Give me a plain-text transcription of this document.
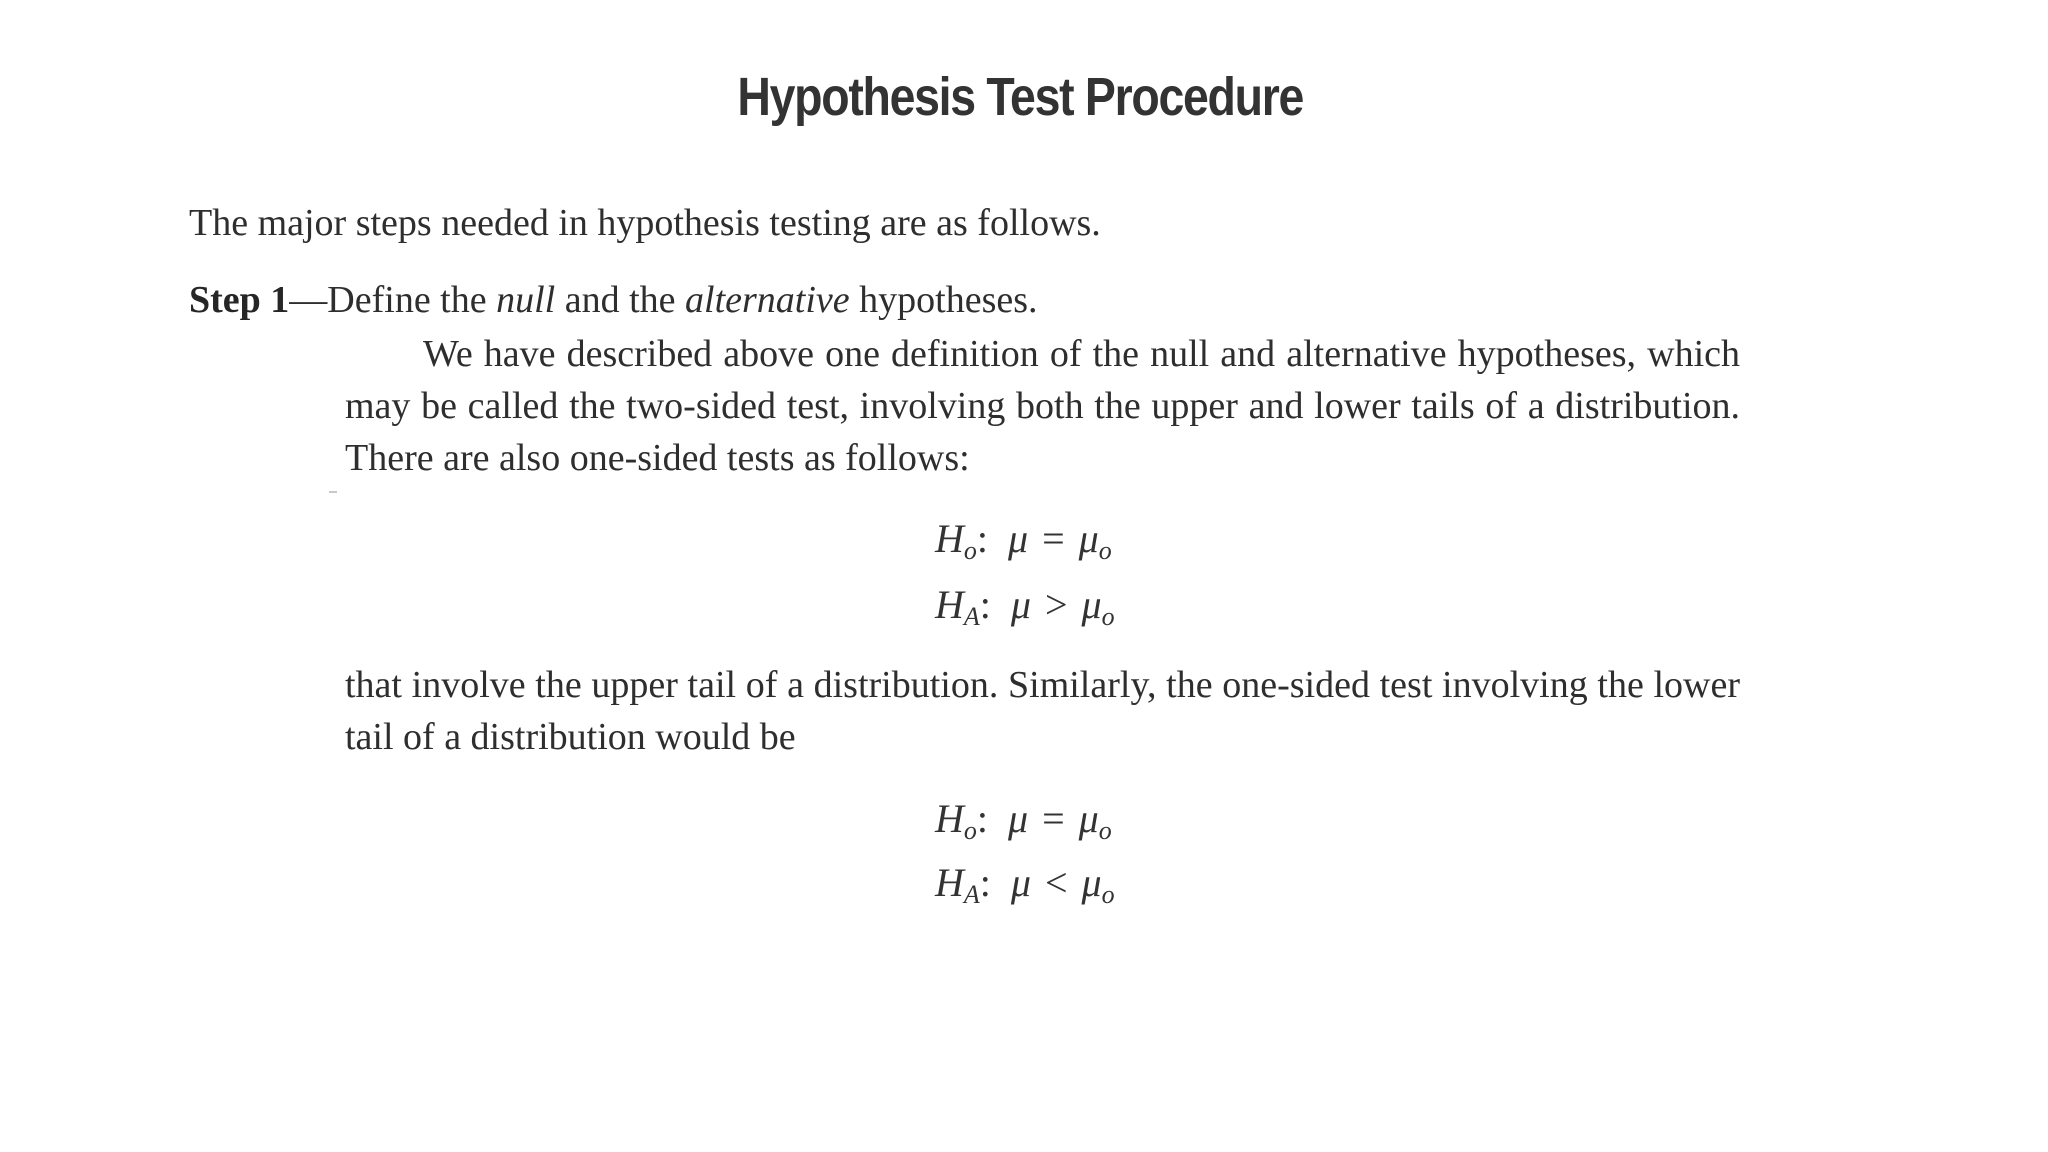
Hypothesis Test Procedure
The major steps needed in hypothesis testing are as follows.
Step 1—Define the null and the alternative hypotheses.
We have described above one definition of the null and alternative hypotheses, which may be called the two-sided test, involving both the upper and lower tails of a distribution. There are also one-sided tests as follows:
$H_o$: $\mu = \mu_o$
$H_A$: $\mu > \mu_o$
that involve the upper tail of a distribution. Similarly, the one-sided test involving the lower tail of a distribution would be
$H_o$: $\mu = \mu_o$
$H_A$: $\mu < \mu_o$
